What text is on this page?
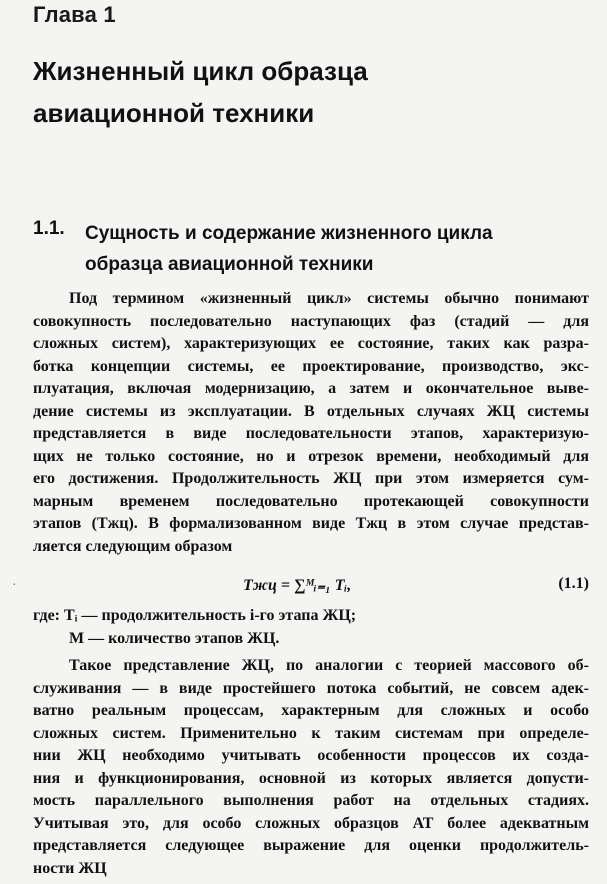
Глава 1
Жизненный цикл образца
авиационной техники
1.1. Сущность и содержание жизненного цикла
образца авиационной техники
Под термином «жизненный цикл» системы обычно понимают
совокупность последовательно наступающих фаз (стадий — для
сложных систем), характеризующих ее состояние, таких как разра-
ботка концепции системы, ее проектирование, производство, экс-
плуатация, включая модернизацию, а затем и окончательное выве-
дение системы из эксплуатации. В отдельных случаях ЖЦ системы
представляется в виде последовательности этапов, характеризую-
щих не только состояние, но и отрезок времени, необходимый для
его достижения. Продолжительность ЖЦ при этом измеряется сум-
марным временем последовательно протекающей совокупности
этапов (Tжц). В формализованном виде Tжц в этом случае представ-
ляется следующим образом
·	Tжц = ∑ᴹᵢ₌₁ Tᵢ,	(1.1)
где: Tᵢ — продолжительность i-го этапа ЖЦ;
M — количество этапов ЖЦ.
Такое представление ЖЦ, по аналогии с теорией массового об-
служивания — в виде простейшего потока событий, не совсем адек-
ватно реальным процессам, характерным для сложных и особо
сложных систем. Применительно к таким системам при определе-
нии ЖЦ необходимо учитывать особенности процессов их созда-
ния и функционирования, основной из которых является допусти-
мость параллельного выполнения работ на отдельных стадиях.
Учитывая это, для особо сложных образцов АТ более адекватным
представляется следующее выражение для оценки продолжитель-
ности ЖЦ
